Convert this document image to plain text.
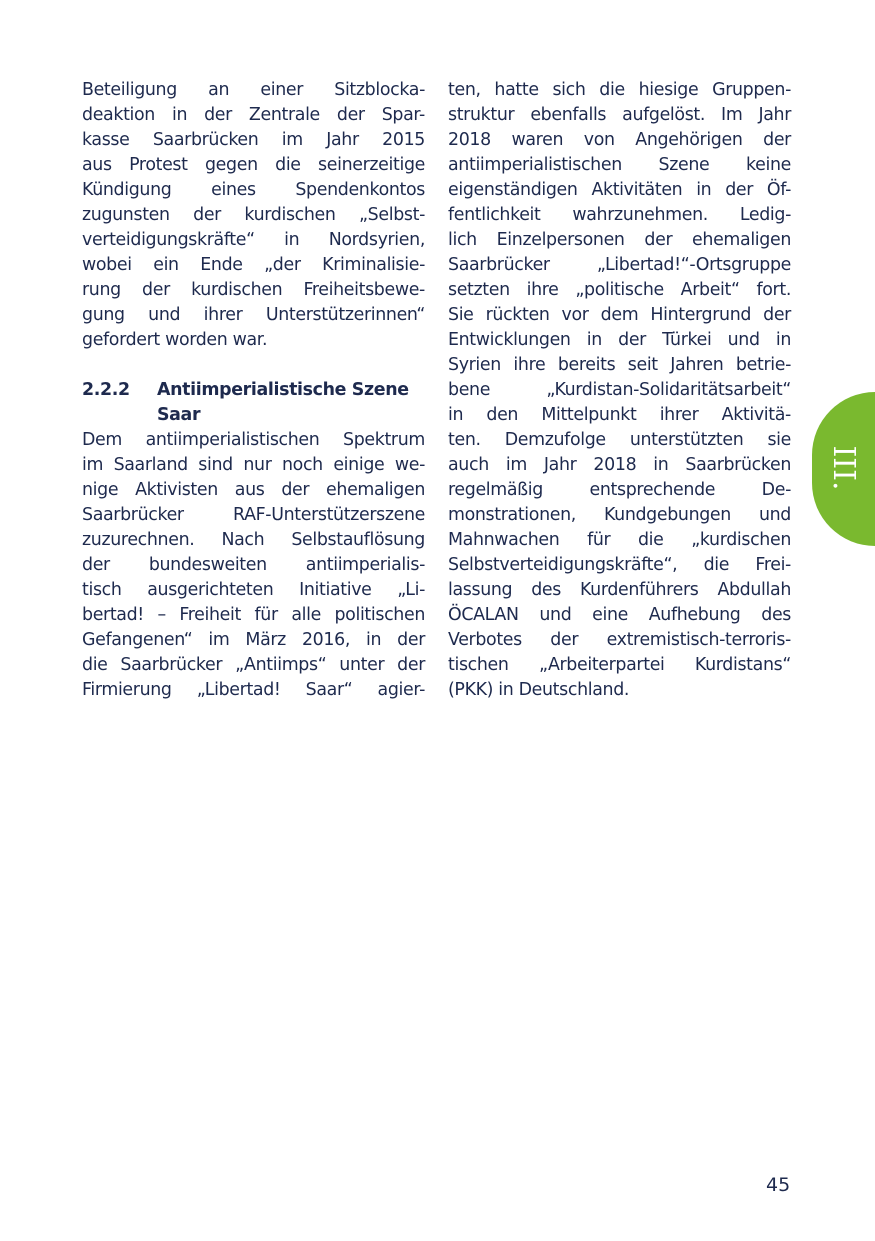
Beteiligung an einer Sitzblocka-
deaktion in der Zentrale der Spar-
kasse Saarbrücken im Jahr 2015
aus Protest gegen die seinerzeitige
Kündigung eines Spendenkontos
zugunsten der kurdischen „Selbst-
verteidigungskräfte“ in Nordsyrien,
wobei ein Ende „der Kriminalisie-
rung der kurdischen Freiheitsbewe-
gung und ihrer Unterstützerinnen“
gefordert worden war.
2.2.2	Antiimperialistische Szene
Saar
Dem antiimperialistischen Spektrum
im Saarland sind nur noch einige we-
nige Aktivisten aus der ehemaligen
Saarbrücker RAF-Unterstützerszene
zuzurechnen. Nach Selbstauflösung
der bundesweiten antiimperialis-
tisch ausgerichteten Initiative „Li-
bertad! – Freiheit für alle politischen
Gefangenen“ im März 2016, in der
die Saarbrücker „Antiimps“ unter der
Firmierung „Libertad! Saar“ agier-
ten, hatte sich die hiesige Gruppen-
struktur ebenfalls aufgelöst. Im Jahr
2018 waren von Angehörigen der
antiimperialistischen Szene keine
eigenständigen Aktivitäten in der Öf-
fentlichkeit wahrzunehmen. Ledig-
lich Einzelpersonen der ehemaligen
Saarbrücker „Libertad!“-Ortsgruppe
setzten ihre „politische Arbeit“ fort.
Sie rückten vor dem Hintergrund der
Entwicklungen in der Türkei und in
Syrien ihre bereits seit Jahren betrie-
bene „Kurdistan-Solidaritätsarbeit“
in den Mittelpunkt ihrer Aktivitä-
ten. Demzufolge unterstützten sie
auch im Jahr 2018 in Saarbrücken
regelmäßig entsprechende De-
monstrationen, Kundgebungen und
Mahnwachen für die „kurdischen
Selbstverteidigungskräfte“, die Frei-
lassung des Kurdenführers Abdullah
ÖCALAN und eine Aufhebung des
Verbotes der extremistisch-terroris-
tischen „Arbeiterpartei Kurdistans“
(PKK) in Deutschland.
III.
45
